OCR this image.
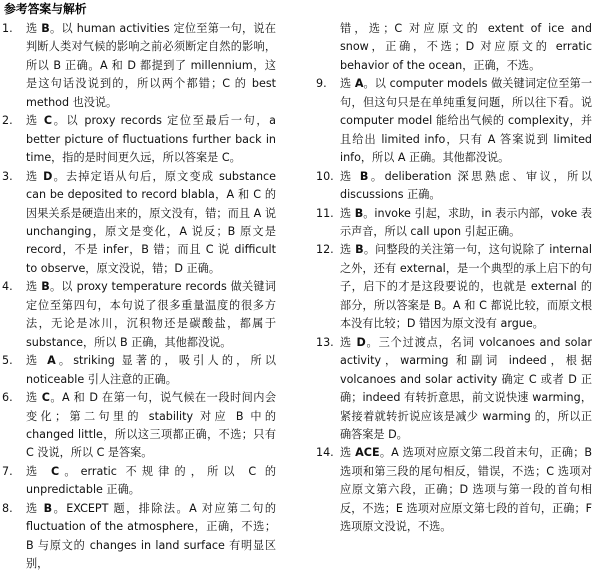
参考答案与解析
1.	选 B。以 human activities 定位至第一句，说在判断人类对气候的影响之前必须断定自然的影响，所以 B 正确。A 和 D 都提到了 millennium，这是这句话没说到的，所以两个都错；C 的 best method 也没说。
2.	选 C。以 proxy records 定位至最后一句，a better picture of fluctuations further back in time，指的是时间更久远，所以答案是 C。
3.	选 D。去掉定语从句后，原文变成 substance can be deposited to record blabla，A 和 C 的因果关系是硬造出来的，原文没有，错；而且 A 说 unchanging，原文是变化，A 说反；B 原文是 record，不是 infer，B 错；而且 C 说 difficult to observe，原文没说，错；D 正确。
4.	选 B。以 proxy temperature records 做关键词定位至第四句，本句说了很多重量温度的很多方法，无论是冰川，沉积物还是碳酸盐，都属于 substance，所以 B 正确，其他都没说。
5.	选 A。striking 显著的，吸引人的，所以 noticeable 引人注意的正确。
6.	选 C。A 和 D 在第一句，说气候在一段时间内会变化；第二句里的 stability 对应 B 中的 changed little，所以这三项都正确，不选；只有 C 没说，所以 C 是答案。
7.	选 C。erratic 不规律的，所以 C 的 unpredictable 正确。
8.	选 B。EXCEPT 题，排除法。A 对应第二句的 fluctuation of the atmosphere，正确，不选；B 与原文的 changes in land surface 有明显区别，
错，选；C 对应原文的 extent of ice and snow，正确，不选；D 对应原文的 erratic behavior of the ocean，正确，不选。
9.	选 A。以 computer models 做关键词定位至第一句，但这句只是在单纯重复问题，所以往下看。说 computer model 能给出气候的 complexity，并且给出 limited info，只有 A 答案说到 limited info，所以 A 正确。其他都没说。
10. 选 B。deliberation 深思熟虑、审议，所以 discussions 正确。
11. 选 B。invoke 引起，求助，in 表示内部，voke 表示声音，所以 call upon 引起正确。
12. 选 B。问整段的关注第一句，这句说除了 internal 之外，还有 external，是一个典型的承上启下的句子，启下的才是这段要说的，也就是 external 的部分，所以答案是 B。A 和 C 都说比较，而原文根本没有比较；D 错因为原文没有 argue。
13. 选 D。三个过渡点，名词 volcanoes and solar activity，warming 和副词 indeed，根据 volcanoes and solar activity 确定 C 或者 D 正确；indeed 有转折意思，前文说快速 warming，紧接着就转折说应该是减少 warming 的，所以正确答案是 D。
14. 选 ACE。A 选项对应原文第二段首末句，正确；B 选项和第三段的尾句相反，错误，不选；C 选项对应原文第六段，正确；D 选项与第一段的首句相反，不选；E 选项对应原文第七段的首句，正确；F 选项原文没说，不选。
